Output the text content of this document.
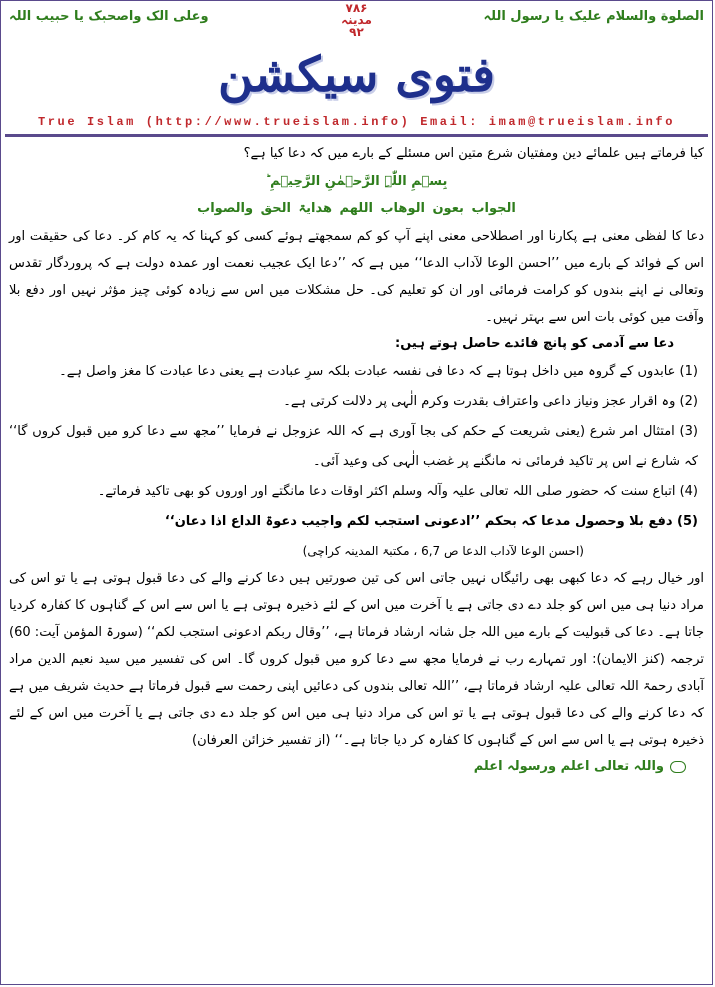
الصلوة والسلام علیک یا رسول اللہ
۷۸۶
مدینہ
۹۲
وعلی الک واصحبک یا حبیب اللہ
فتوی سیکشن
True Islam (http://www.trueislam.info) Email: imam@trueislam.info
کیا فرماتے ہیں علمائے دین ومفتیان شرع متین اس مسئلے کے بارے میں کہ دعا کیا ہے؟
بِسۡمِ اللّٰہِ الرَّحۡمٰنِ الرَّحِیۡمِ ؕ
الجواب بعون الوھاب اللھم ھدایۃ الحق والصواب
دعا کا لفظی معنی ہے پکارنا اور اصطلاحی معنی اپنے آپ کو کم سمجھتے ہوئے کسی کو کہنا کہ یہ کام کر۔ دعا کی حقیقت اور اس کے فوائد کے بارے میں ’’احسن الوعا لآداب الدعا‘‘ میں ہے کہ ’’دعا ایک عجیب نعمت اور عمدہ دولت ہے کہ پروردگار تقدس وتعالی نے اپنے بندوں کو کرامت فرمائی اور ان کو تعلیم کی۔ حل مشکلات میں اس سے زیادہ کوئی چیز مؤثر نہیں اور دفع بلا وآفت میں کوئی بات اس سے بہتر نہیں۔
دعا سے آدمی کو پانچ فائدے حاصل ہوتے ہیں:
(1) عابدوں کے گروہ میں داخل ہوتا ہے کہ دعا فی نفسہ عبادت بلکہ سرِ عبادت ہے یعنی دعا عبادت کا مغز واصل ہے۔
(2) وہ اقرار عجز ونیاز داعی واعتراف بقدرت وکرم الٰہی پر دلالت کرتی ہے۔
(3) امتثال امر شرع (یعنی شریعت کے حکم کی بجا آوری ہے کہ اللہ عزوجل نے فرمایا ’’مجھ سے دعا کرو میں قبول کروں گا‘‘ کہ شارع نے اس پر تاکید فرمائی نہ مانگنے پر غضب الٰہی کی وعید آئی۔
(4) اتباع سنت کہ حضور صلی اللہ تعالی علیہ وآلہ وسلم اکثر اوقات دعا مانگتے اور اوروں کو بھی تاکید فرماتے۔
(5) دفع بلا وحصول مدعا کہ بحکم ’’ادعونی استجب لکم واجیب دعوۃ الداع اذا دعان‘‘
(احسن الوعا لآداب الدعا ص 6,7 ، مکتبۃ المدینہ کراچی)
اور خیال رہے کہ دعا کبھی بھی رائیگاں نہیں جاتی اس کی تین صورتیں ہیں دعا کرنے والے کی دعا قبول ہوتی ہے یا تو اس کی مراد دنیا ہی میں اس کو جلد دے دی جاتی ہے یا آخرت میں اس کے لئے ذخیرہ ہوتی ہے یا اس سے اس کے گناہوں کا کفارہ کردیا جاتا ہے۔ دعا کی قبولیت کے بارے میں اللہ جل شانہ ارشاد فرماتا ہے، ’’وقال ربکم ادعونی استجب لکم‘‘ (سورۃ المؤمن آیت: 60) ترجمہ (کنز الایمان): اور تمہارے رب نے فرمایا مجھ سے دعا کرو میں قبول کروں گا۔ اس کی تفسیر میں سید نعیم الدین مراد آبادی رحمۃ اللہ تعالی علیہ ارشاد فرماتا ہے، ’’اللہ تعالی بندوں کی دعائیں اپنی رحمت سے قبول فرماتا ہے حدیث شریف میں ہے کہ دعا کرنے والے کی دعا قبول ہوتی ہے یا تو اس کی مراد دنیا ہی میں اس کو جلد دے دی جاتی ہے یا آخرت میں اس کے لئے ذخیرہ ہوتی ہے یا اس سے اس کے گناہوں کا کفارہ کر دیا جاتا ہے۔‘‘ (از تفسیر خزائن العرفان)
واللہ تعالی اعلم ورسولہ اعلم
